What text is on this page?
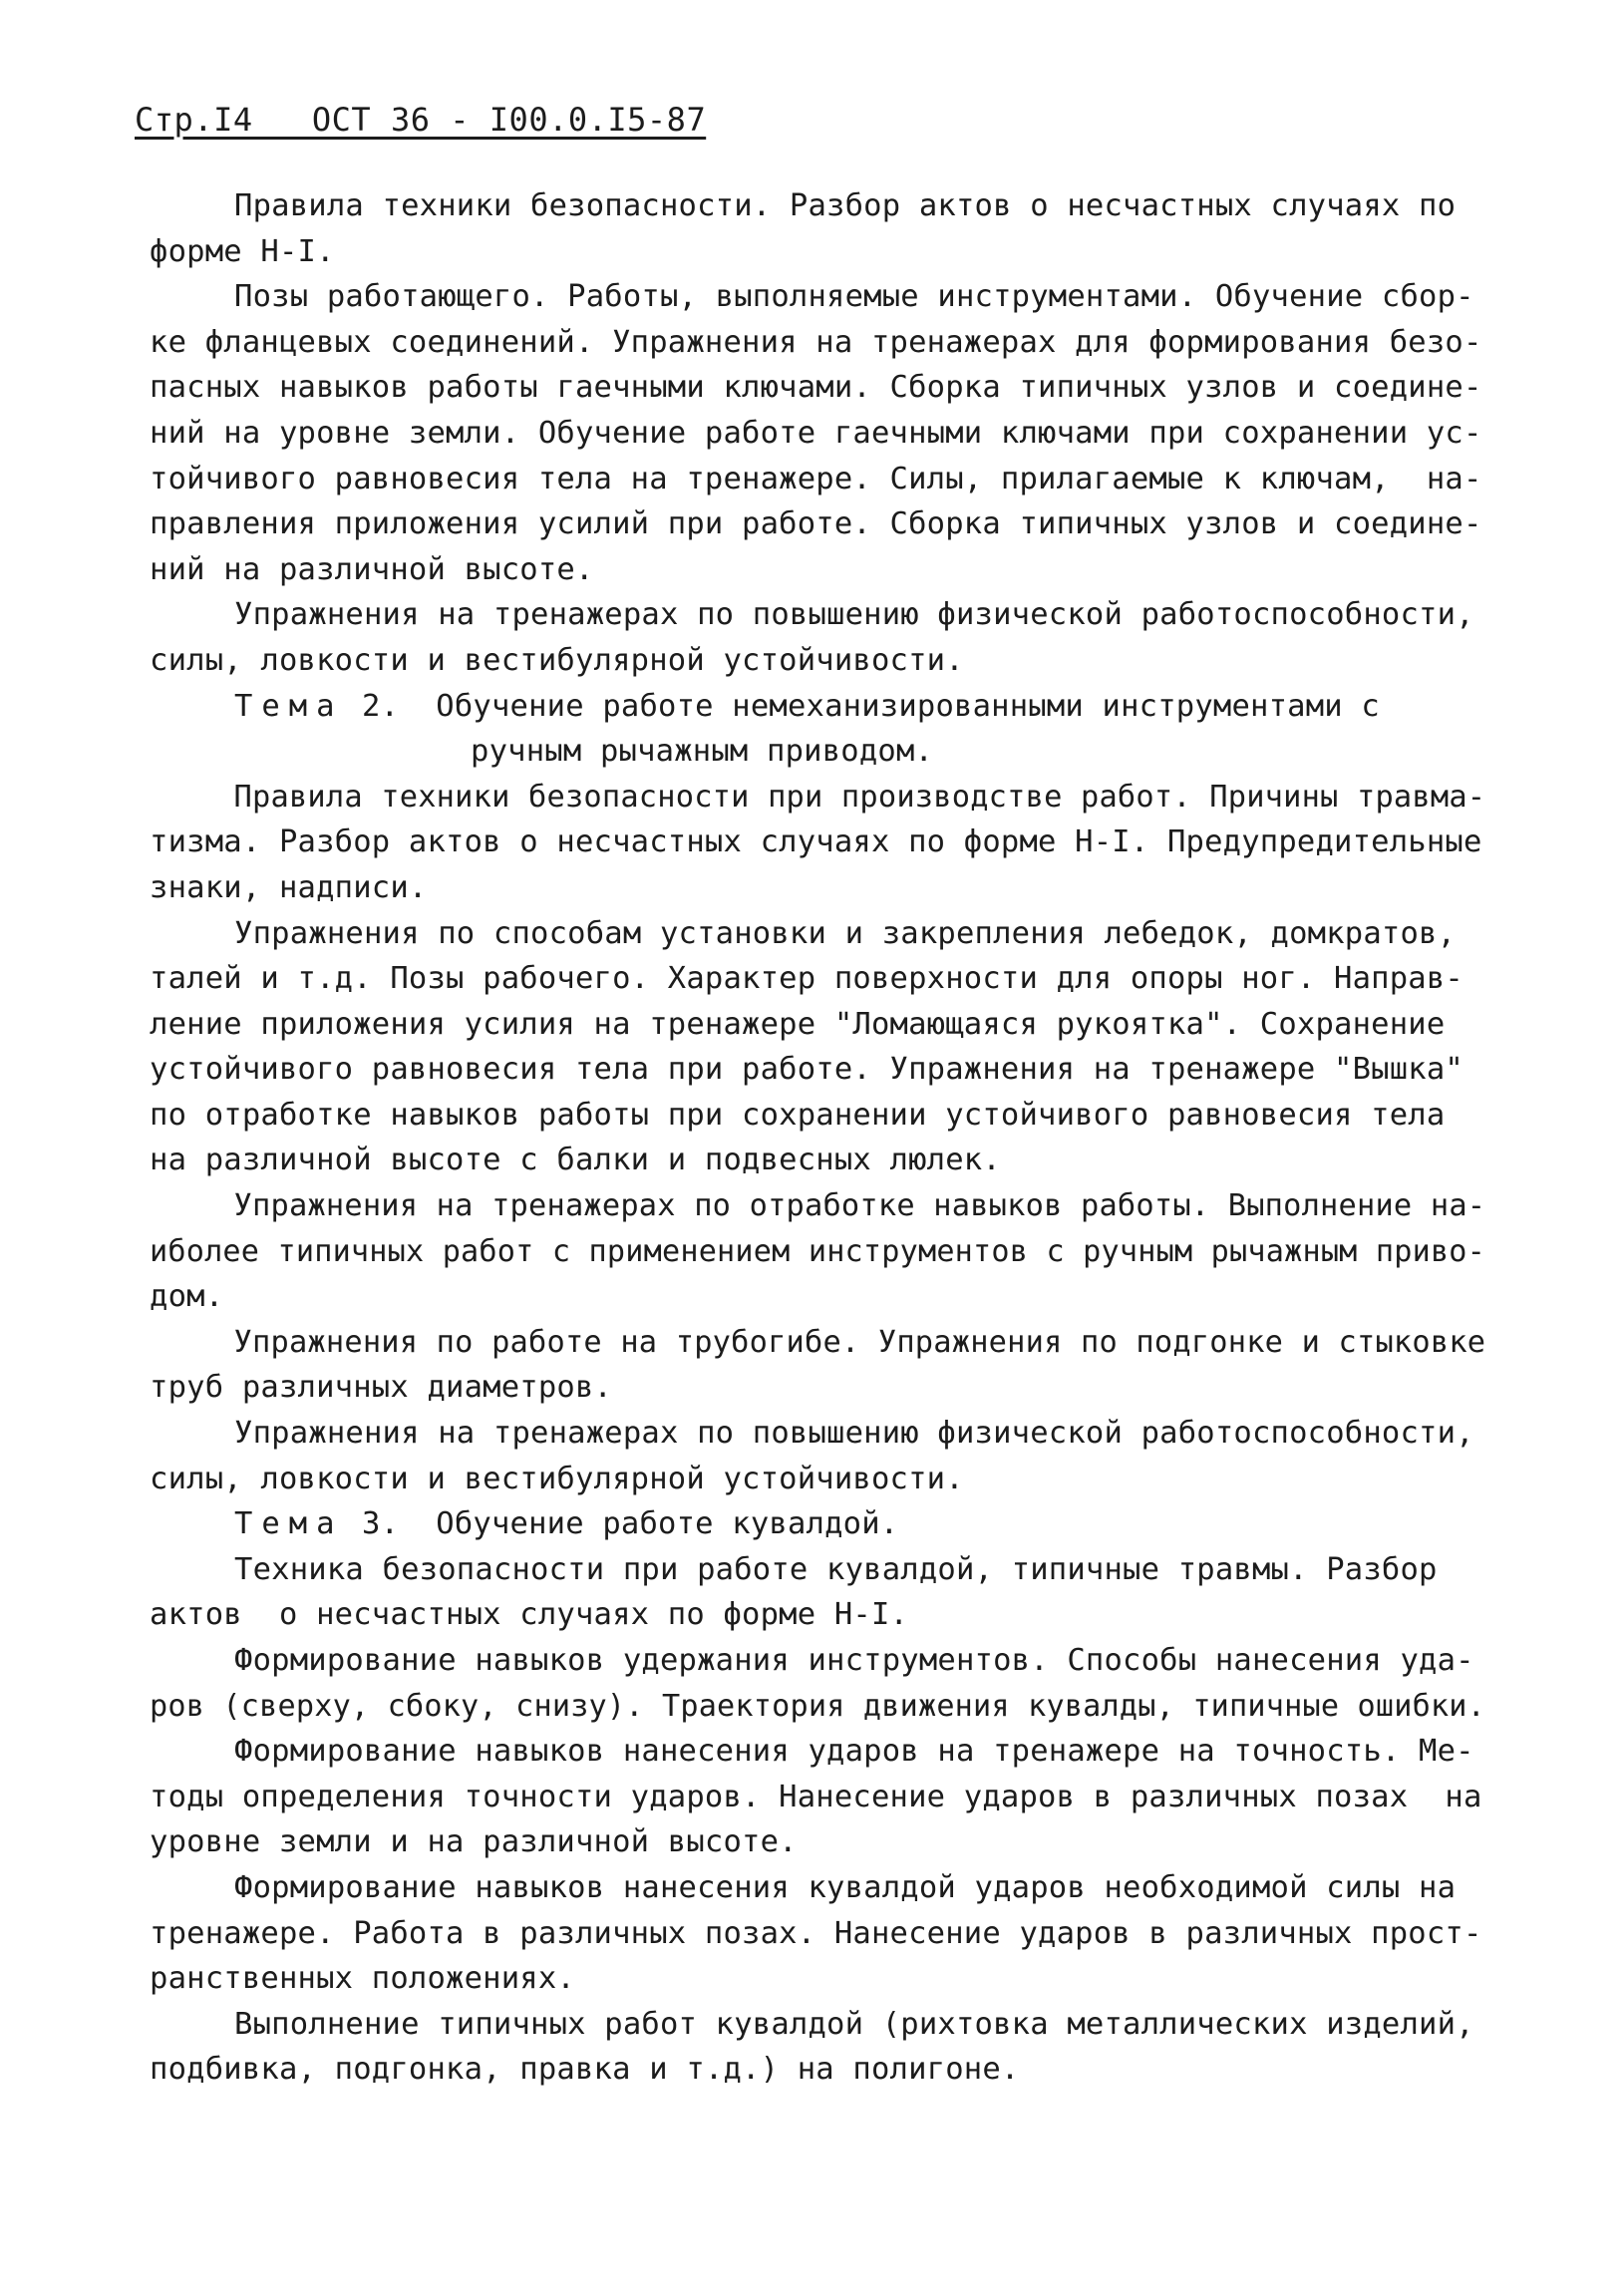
Стр.I4   ОСТ 36 - I00.0.I5-87
Правила техники безопасности. Разбор актов о несчастных случаях по
форме Н-I.
Позы работающего. Работы, выполняемые инструментами. Обучение сбор-
ке фланцевых соединений. Упражнения на тренажерах для формирования безо-
пасных навыков работы гаечными ключами. Сборка типичных узлов и соедине-
ний на уровне земли. Обучение работе гаечными ключами при сохранении ус-
тойчивого равновесия тела на тренажере. Силы, прилагаемые к ключам,  на-
правления приложения усилий при работе. Сборка типичных узлов и соедине-
ний на различной высоте.
Упражнения на тренажерах по повышению физической работоспособности,
силы, ловкости и вестибулярной устойчивости.
Тема 2.  Обучение работе немеханизированными инструментами с
ручным рычажным приводом.
Правила техники безопасности при производстве работ. Причины травма-
тизма. Разбор актов о несчастных случаях по форме Н-I. Предупредительные
знаки, надписи.
Упражнения по способам установки и закрепления лебедок, домкратов,
талей и т.д. Позы рабочего. Характер поверхности для опоры ног. Направ-
ление приложения усилия на тренажере "Ломающаяся рукоятка". Сохранение
устойчивого равновесия тела при работе. Упражнения на тренажере "Вышка"
по отработке навыков работы при сохранении устойчивого равновесия тела
на различной высоте с балки и подвесных люлек.
Упражнения на тренажерах по отработке навыков работы. Выполнение на-
иболее типичных работ с применением инструментов с ручным рычажным приво-
дом.
Упражнения по работе на трубогибе. Упражнения по подгонке и стыковке
труб различных диаметров.
Упражнения на тренажерах по повышению физической работоспособности,
силы, ловкости и вестибулярной устойчивости.
Тема 3.  Обучение работе кувалдой.
Техника безопасности при работе кувалдой, типичные травмы. Разбор
актов  о несчастных случаях по форме Н-I.
Формирование навыков удержания инструментов. Способы нанесения уда-
ров (сверху, сбоку, снизу). Траектория движения кувалды, типичные ошибки.
Формирование навыков нанесения ударов на тренажере на точность. Ме-
тоды определения точности ударов. Нанесение ударов в различных позах  на
уровне земли и на различной высоте.
Формирование навыков нанесения кувалдой ударов необходимой силы на
тренажере. Работа в различных позах. Нанесение ударов в различных прост-
ранственных положениях.
Выполнение типичных работ кувалдой (рихтовка металлических изделий,
подбивка, подгонка, правка и т.д.) на полигоне.
